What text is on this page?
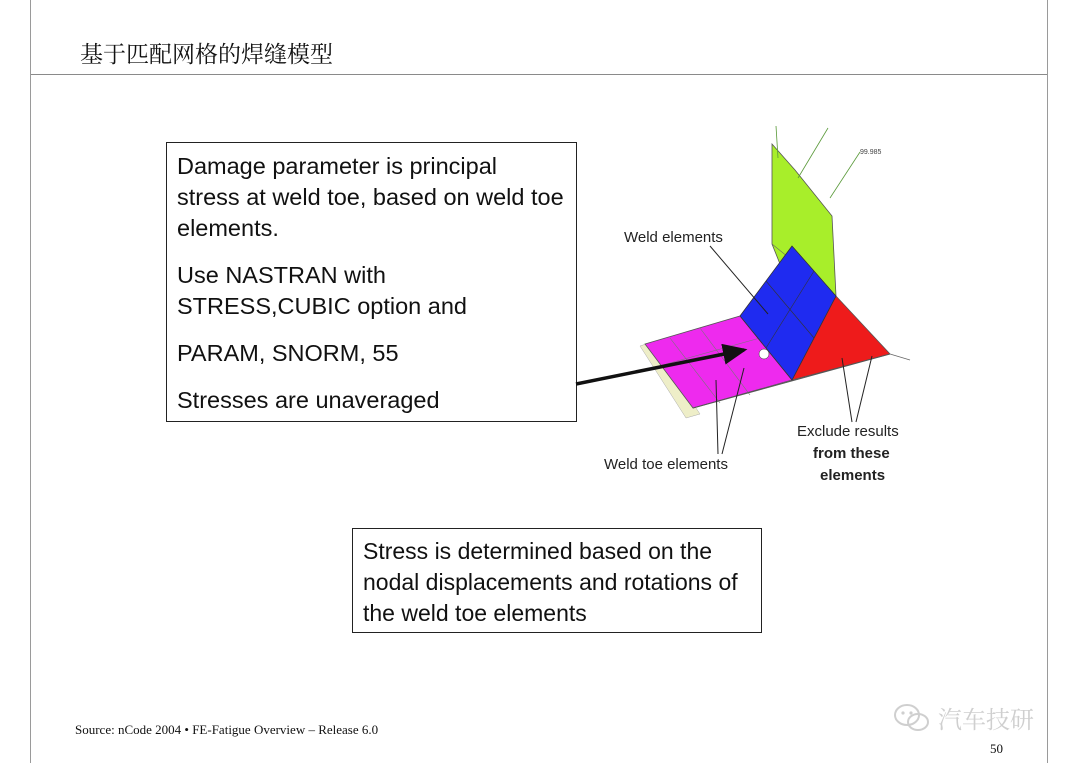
基于匹配网格的焊缝模型

Damage parameter is principal stress at weld toe, based on weld toe elements.

Use NASTRAN with STRESS,CUBIC option and

PARAM, SNORM, 55

Stresses are unaveraged

99.985
Weld elements
Weld toe elements
Exclude results
from these
elements

Stress is determined based on the nodal displacements and rotations of the weld toe elements

Source: nCode 2004 • FE-Fatigue Overview – Release 6.0
50
汽车技研
